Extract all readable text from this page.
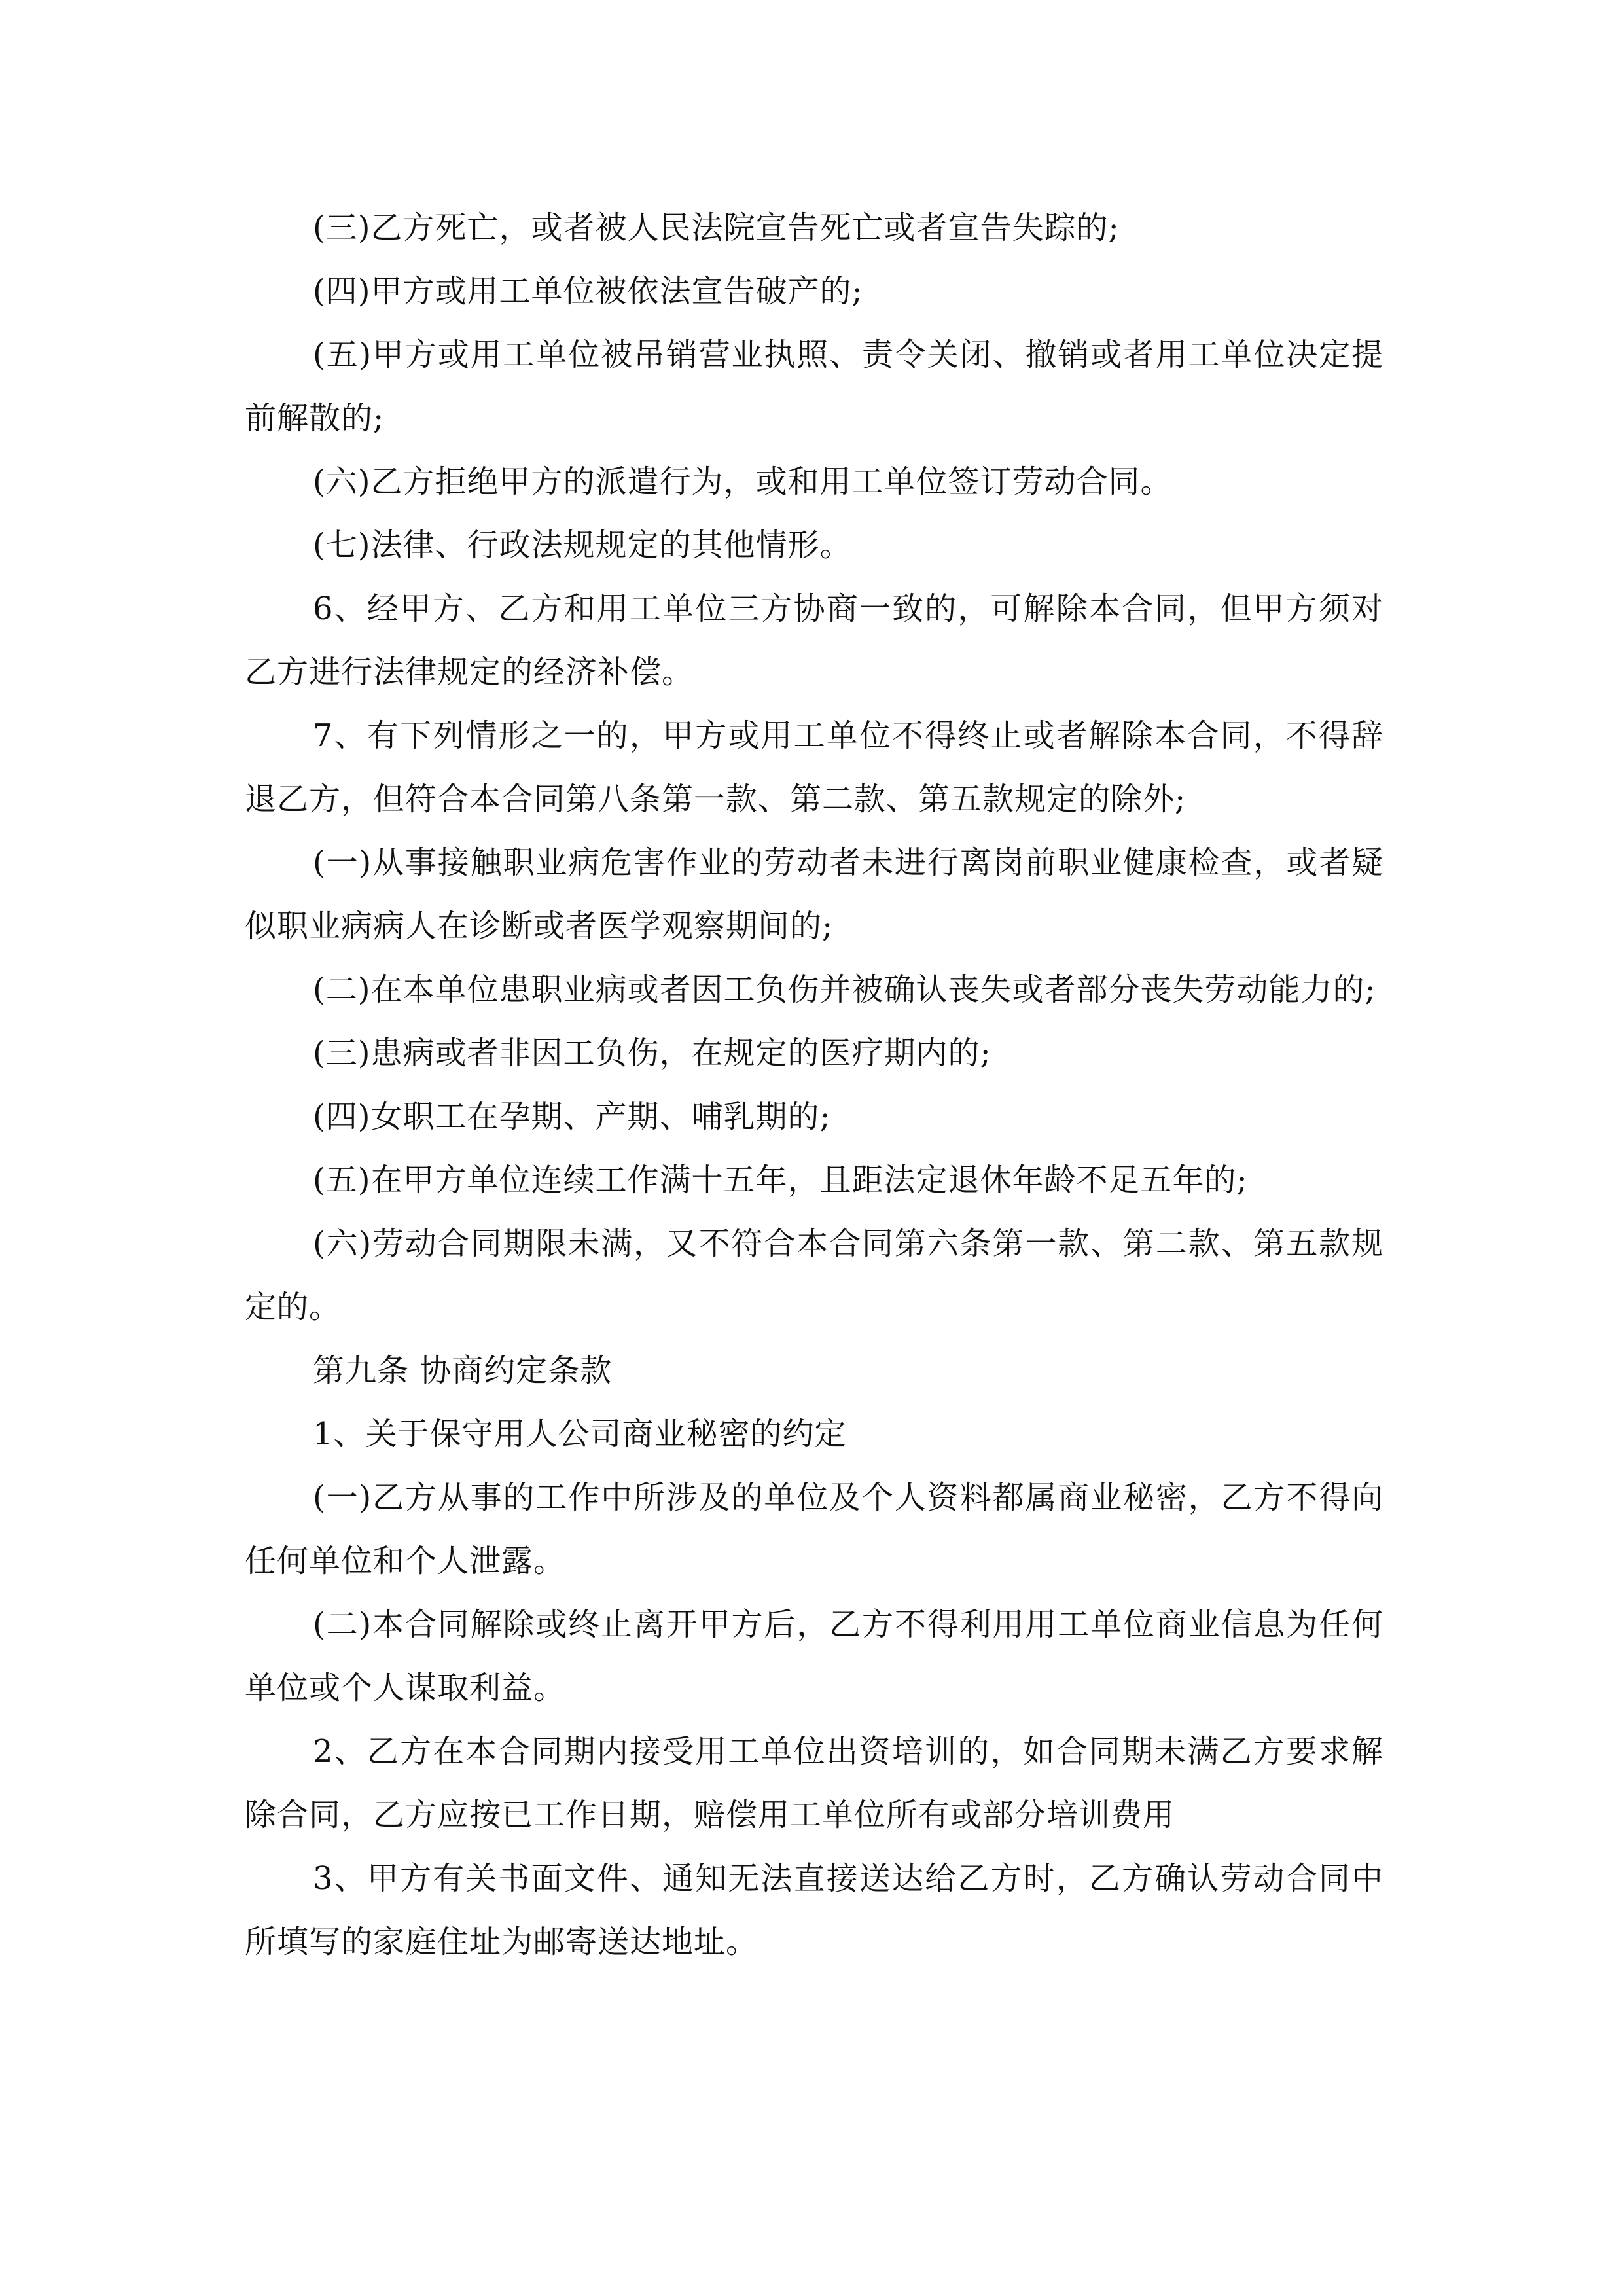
(三)乙方死亡，或者被人民法院宣告死亡或者宣告失踪的;

(四)甲方或用工单位被依法宣告破产的;

(五)甲方或用工单位被吊销营业执照、责令关闭、撤销或者用工单位决定提前解散的;

(六)乙方拒绝甲方的派遣行为，或和用工单位签订劳动合同。

(七)法律、行政法规规定的其他情形。

6、经甲方、乙方和用工单位三方协商一致的，可解除本合同，但甲方须对乙方进行法律规定的经济补偿。

7、有下列情形之一的，甲方或用工单位不得终止或者解除本合同，不得辞退乙方，但符合本合同第八条第一款、第二款、第五款规定的除外;

(一)从事接触职业病危害作业的劳动者未进行离岗前职业健康检查，或者疑似职业病病人在诊断或者医学观察期间的;

(二)在本单位患职业病或者因工负伤并被确认丧失或者部分丧失劳动能力的;

(三)患病或者非因工负伤，在规定的医疗期内的;

(四)女职工在孕期、产期、哺乳期的;

(五)在甲方单位连续工作满十五年，且距法定退休年龄不足五年的;

(六)劳动合同期限未满，又不符合本合同第六条第一款、第二款、第五款规定的。

第九条 协商约定条款

1、关于保守用人公司商业秘密的约定

(一)乙方从事的工作中所涉及的单位及个人资料都属商业秘密，乙方不得向任何单位和个人泄露。

(二)本合同解除或终止离开甲方后，乙方不得利用用工单位商业信息为任何单位或个人谋取利益。

2、乙方在本合同期内接受用工单位出资培训的，如合同期未满乙方要求解除合同，乙方应按已工作日期，赔偿用工单位所有或部分培训费用

3、甲方有关书面文件、通知无法直接送达给乙方时，乙方确认劳动合同中所填写的家庭住址为邮寄送达地址。
